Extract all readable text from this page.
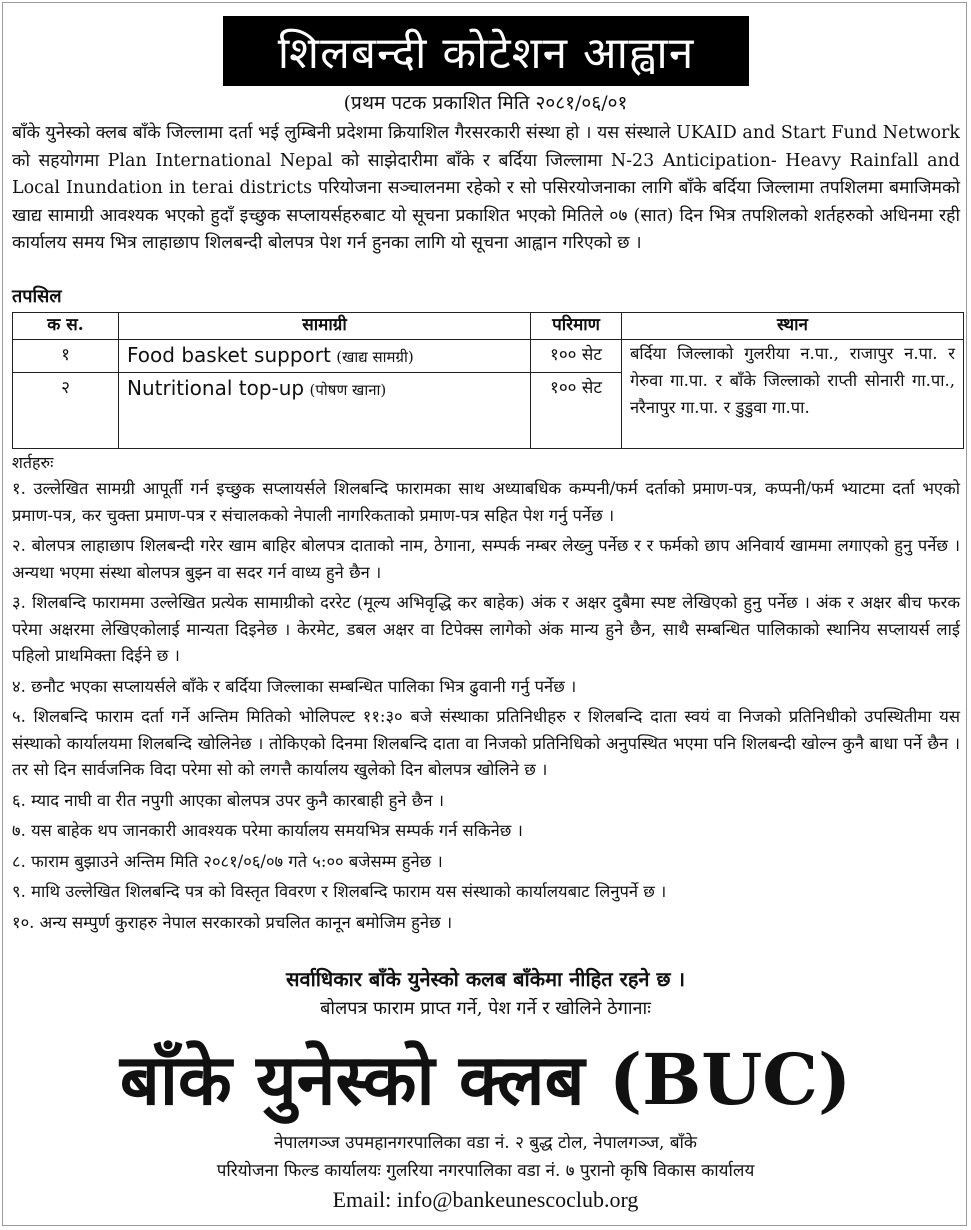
शिलबन्दी कोटेशन आह्वान
(प्रथम पटक प्रकाशित मिति २०८१/०६/०१

बाँके युनेस्को क्लब बाँके जिल्लामा दर्ता भई लुम्बिनी प्रदेशमा क्रियाशिल गैरसरकारी संस्था हो । यस संस्थाले UKAID and Start Fund Network को सहयोगमा Plan International Nepal को साझेदारीमा बाँके र बर्दिया जिल्लामा N-23 Anticipation- Heavy Rainfall and Local Inundation in terai districts परियोजना सञ्चालनमा रहेको र सो पसिरयोजनाका लागि बाँके बर्दिया जिल्लामा तपशिलमा बमाजिमको खाद्य सामाग्री आवश्यक भएको हुदाँ इच्छुक सप्लायर्सहरुबाट यो सूचना प्रकाशित भएको मितिले ०७ (सात) दिन भित्र तपशिलको शर्तहरुको अधिनमा रही कार्यालय समय भित्र लाहाछाप शिलबन्दी बोलपत्र पेश गर्न हुनका लागि यो सूचना आह्वान गरिएको छ ।

तपसिल
क स.	सामाग्री	परिमाण	स्थान
१	Food basket support (खाद्य सामग्री)	१०० सेट	बर्दिया जिल्लाको गुलरीया न.पा., राजापुर न.पा. र गेरुवा गा.पा. र बाँके जिल्लाको राप्ती सोनारी गा.पा., नरैनापुर गा.पा. र डुडुवा गा.पा.
२	Nutritional top-up (पोषण खाना)	१०० सेट	
शर्तहरुः

१. उल्लेखित सामग्री आपूर्ती गर्न इच्छुक सप्लायर्सले शिलबन्दि फारामका साथ अध्याबधिक कम्पनी/फर्म दर्ताको प्रमाण-पत्र, कप्पनी/फर्म भ्याटमा दर्ता भएको प्रमाण-पत्र, कर चुक्ता प्रमाण-पत्र र संचालकको नेपाली नागरिकताको प्रमाण-पत्र सहित पेश गर्नु पर्नेछ ।

२. बोलपत्र लाहाछाप शिलबन्दी गरेर खाम बाहिर बोलपत्र दाताको नाम, ठेगाना, सम्पर्क नम्बर लेख्नु पर्नेछ र र फर्मको छाप अनिवार्य खाममा लगाएको हुनु पर्नेछ । अन्यथा भएमा संस्था बोलपत्र बुझ्न वा सदर गर्न वाध्य हुने छैन ।

३. शिलबन्दि फाराममा उल्लेखित प्रत्येक सामाग्रीको दररेट (मूल्य अभिवृद्धि कर बाहेक) अंक र अक्षर दुबैमा स्पष्ट लेखिएको हुनु पर्नेछ । अंक र अक्षर बीच फरक परेमा अक्षरमा लेखिएकोलाई मान्यता दिइनेछ । केरमेट, डबल अक्षर वा टिपेक्स लागेको अंक मान्य हुने छैन, साथै सम्बन्धित पालिकाको स्थानिय सप्लायर्स लाई पहिलो प्राथमिक्ता दिईने छ ।

४. छनौट भएका सप्लायर्सले बाँके र बर्दिया जिल्लाका सम्बन्धित पालिका भित्र ढुवानी गर्नु पर्नेछ ।

५. शिलबन्दि फाराम दर्ता गर्ने अन्तिम मितिको भोलिपल्ट ११:३० बजे संस्थाका प्रतिनिधीहरु र शिलबन्दि दाता स्वयं वा निजको प्रतिनिधीको उपस्थितीमा यस संस्थाको कार्यालयमा शिलबन्दि खोलिनेछ । तोकिएको दिनमा शिलबन्दि दाता वा निजको प्रतिनिधिको अनुपस्थित भएमा पनि शिलबन्दी खोल्न कुनै बाधा पर्ने छैन । तर सो दिन सार्वजनिक विदा परेमा सो को लगत्तै कार्यालय खुलेको दिन बोलपत्र खोलिने छ ।

६. म्याद नाघी वा रीत नपुगी आएका बोलपत्र उपर कुनै कारबाही हुने छैन ।

७. यस बाहेक थप जानकारी आवश्यक परेमा कार्यालय समयभित्र सम्पर्क गर्न सकिनेछ ।

८. फाराम बुझाउने अन्तिम मिति २०८१/०६/०७ गते ५:०० बजेसम्म हुनेछ ।

९. माथि उल्लेखित शिलबन्दि पत्र को विस्तृत विवरण र शिलबन्दि फाराम यस संस्थाको कार्यालयबाट लिनुपर्ने छ ।

१०. अन्य सम्पुर्ण कुराहरु नेपाल सरकारको प्रचलित कानून बमोजिम हुनेछ ।

सर्वाधिकार बाँके युनेस्को कलब बाँकेमा नीहित रहने छ ।
बोलपत्र फाराम प्राप्त गर्ने, पेश गर्ने र खोलिने ठेगानाः
बाँके युनेस्को क्लब (BUC)
नेपालगञ्ज उपमहानगरपालिका वडा नं. २ बुद्ध टोल, नेपालगञ्ज, बाँके
परियोजना फिल्ड कार्यालयः गुलरिया नगरपालिका वडा नं. ७ पुरानो कृषि विकास कार्यालय
Email: info@bankeunescoclub.org
